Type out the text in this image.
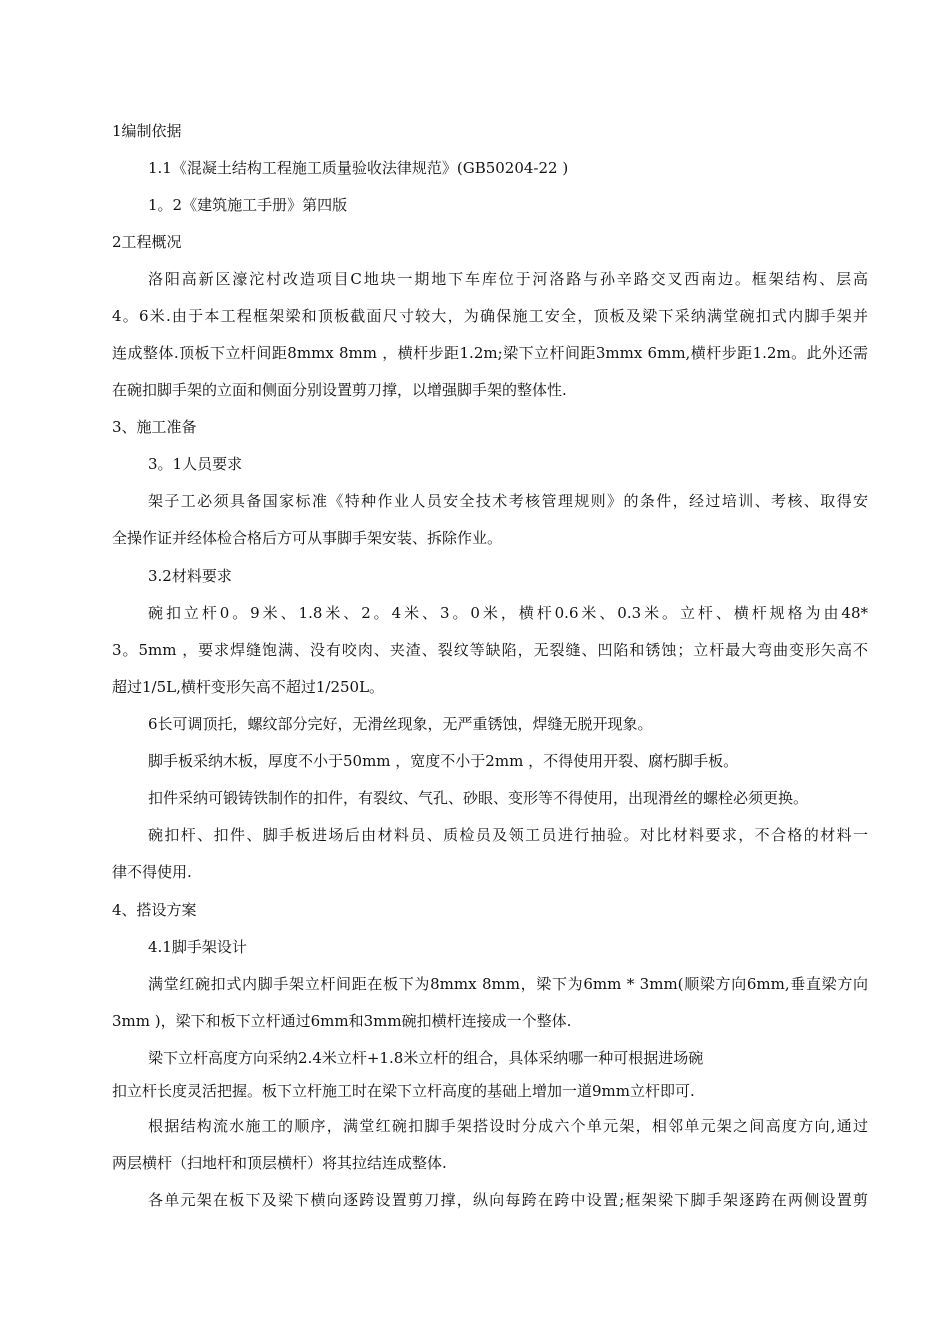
1编制依据
1.1《混凝土结构工程施工质量验收法律规范》(GB50204-22 )
1。2《建筑施工手册》第四版
2工程概况
洛阳高新区濠沱村改造项目C地块一期地下车库位于河洛路与孙辛路交叉西南边。框架结构、层高
4。6米.由于本工程框架梁和顶板截面尺寸较大，为确保施工安全，顶板及梁下采纳满堂碗扣式内脚手架并
连成整体.顶板下立杆间距8mmx 8mm ，横杆步距1.2m;梁下立杆间距3mmx 6mm,横杆步距1.2m。此外还需
在碗扣脚手架的立面和侧面分别设置剪刀撑，以增强脚手架的整体性.
3、施工准备
3。1人员要求
架子工必须具备国家标准《特种作业人员安全技术考核管理规则》的条件，经过培训、考核、取得安
全操作证并经体检合格后方可从事脚手架安装、拆除作业。
3.2材料要求
碗扣立杆0。9米、1.8米、2。4米、3。0米，横杆0.6米、0.3米。立杆、横杆规格为由48*
3。5mm ，要求焊缝饱满、没有咬肉、夹渣、裂纹等缺陷，无裂缝、凹陷和锈蚀；立杆最大弯曲变形矢高不
超过1/5L,横杆变形矢高不超过1/250L。
6长可调顶托，螺纹部分完好，无滑丝现象，无严重锈蚀，焊缝无脱开现象。
脚手板采纳木板，厚度不小于50mm ，宽度不小于2mm ，不得使用开裂、腐朽脚手板。
扣件采纳可锻铸铁制作的扣件，有裂纹、气孔、砂眼、变形等不得使用，出现滑丝的螺栓必须更换。
碗扣杆、扣件、脚手板进场后由材料员、质检员及领工员进行抽验。对比材料要求，不合格的材料一
律不得使用.
4、搭设方案
4.1脚手架设计
满堂红碗扣式内脚手架立杆间距在板下为8mmx 8mm，梁下为6mm * 3mm(顺梁方向6mm,垂直梁方向
3mm )，梁下和板下立杆通过6mm和3mm碗扣横杆连接成一个整体.
梁下立杆高度方向采纳2.4米立杆+1.8米立杆的组合，具体采纳哪一种可根据进场碗
扣立杆长度灵活把握。板下立杆施工时在梁下立杆高度的基础上增加一道9mm立杆即可.
根据结构流水施工的顺序，满堂红碗扣脚手架搭设时分成六个单元架，相邻单元架之间高度方向,通过
两层横杆（扫地杆和顶层横杆）将其拉结连成整体.
各单元架在板下及梁下横向逐跨设置剪刀撑，纵向每跨在跨中设置;框架梁下脚手架逐跨在两侧设置剪
